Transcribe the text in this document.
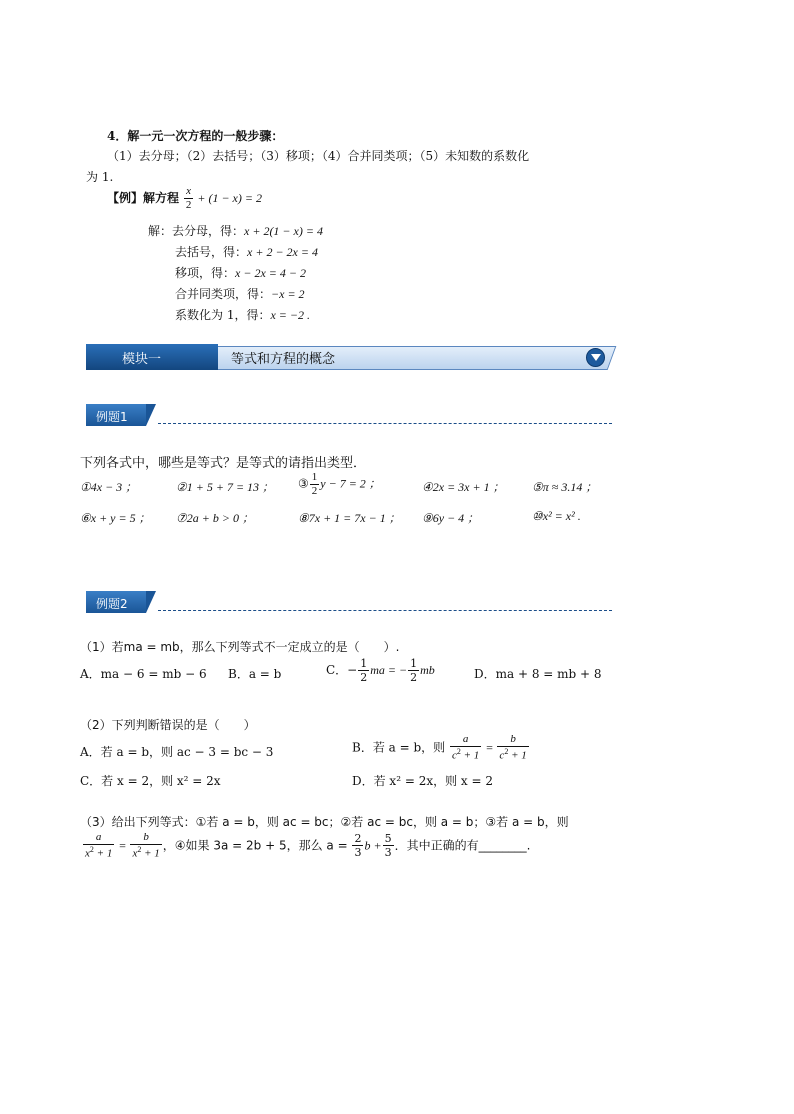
4．解一元一次方程的一般步骤：
（1）去分母；（2）去括号；（3）移项；（4）合并同类项；（5）未知数的系数化
为 1.
【例】解方程 $\frac{x}{2} + (1 - x) = 2$
解：去分母，得：x + 2(1 − x) = 4
去括号，得：x + 2 − 2x = 4
移项，得：x − 2x = 4 − 2
合并同类项，得：−x = 2
系数化为 1，得：x = −2 .
模块一	等式和方程的概念
例题1
下列各式中，哪些是等式？是等式的请指出类型．
①4x − 3 ；	②1 + 5 + 7 = 13 ； ③ $\frac{1}{2}$ y − 7 = 2 ；	④2x = 3x + 1 ； ⑤π ≈ 3.14 ；
⑥x + y = 5 ； ⑦2a + b > 0 ；	⑧7x + 1 = 7x − 1 ； ⑨6y − 4 ；	⑩x² = x² .
例题2
（1）若ma = mb，那么下列等式不一定成立的是（　　）.
A．ma − 6 = mb − 6 B．a = b	C．− $\frac{1}{2}$ ma = − $\frac{1}{2}$ mb	D．ma + 8 = mb + 8
（2）下列判断错误的是（　　）
A．若 a = b，则 ac − 3 = bc − 3	B．若 a = b，则 $\frac{a}{c^2 + 1} = \frac{b}{c^2 + 1}$
C．若 x = 2，则 x² = 2x	D．若 x² = 2x，则 x = 2
（3）给出下列等式：①若 a = b，则 ac = bc；②若 ac = bc，则 a = b；③若 a = b，则
$\frac{a}{x^2 + 1} = \frac{b}{x^2 + 1}$ ，④如果 3a = 2b + 5，那么 $a = \frac{2}{3}$ $b + \frac{5}{3}$ ．其中正确的有________.
